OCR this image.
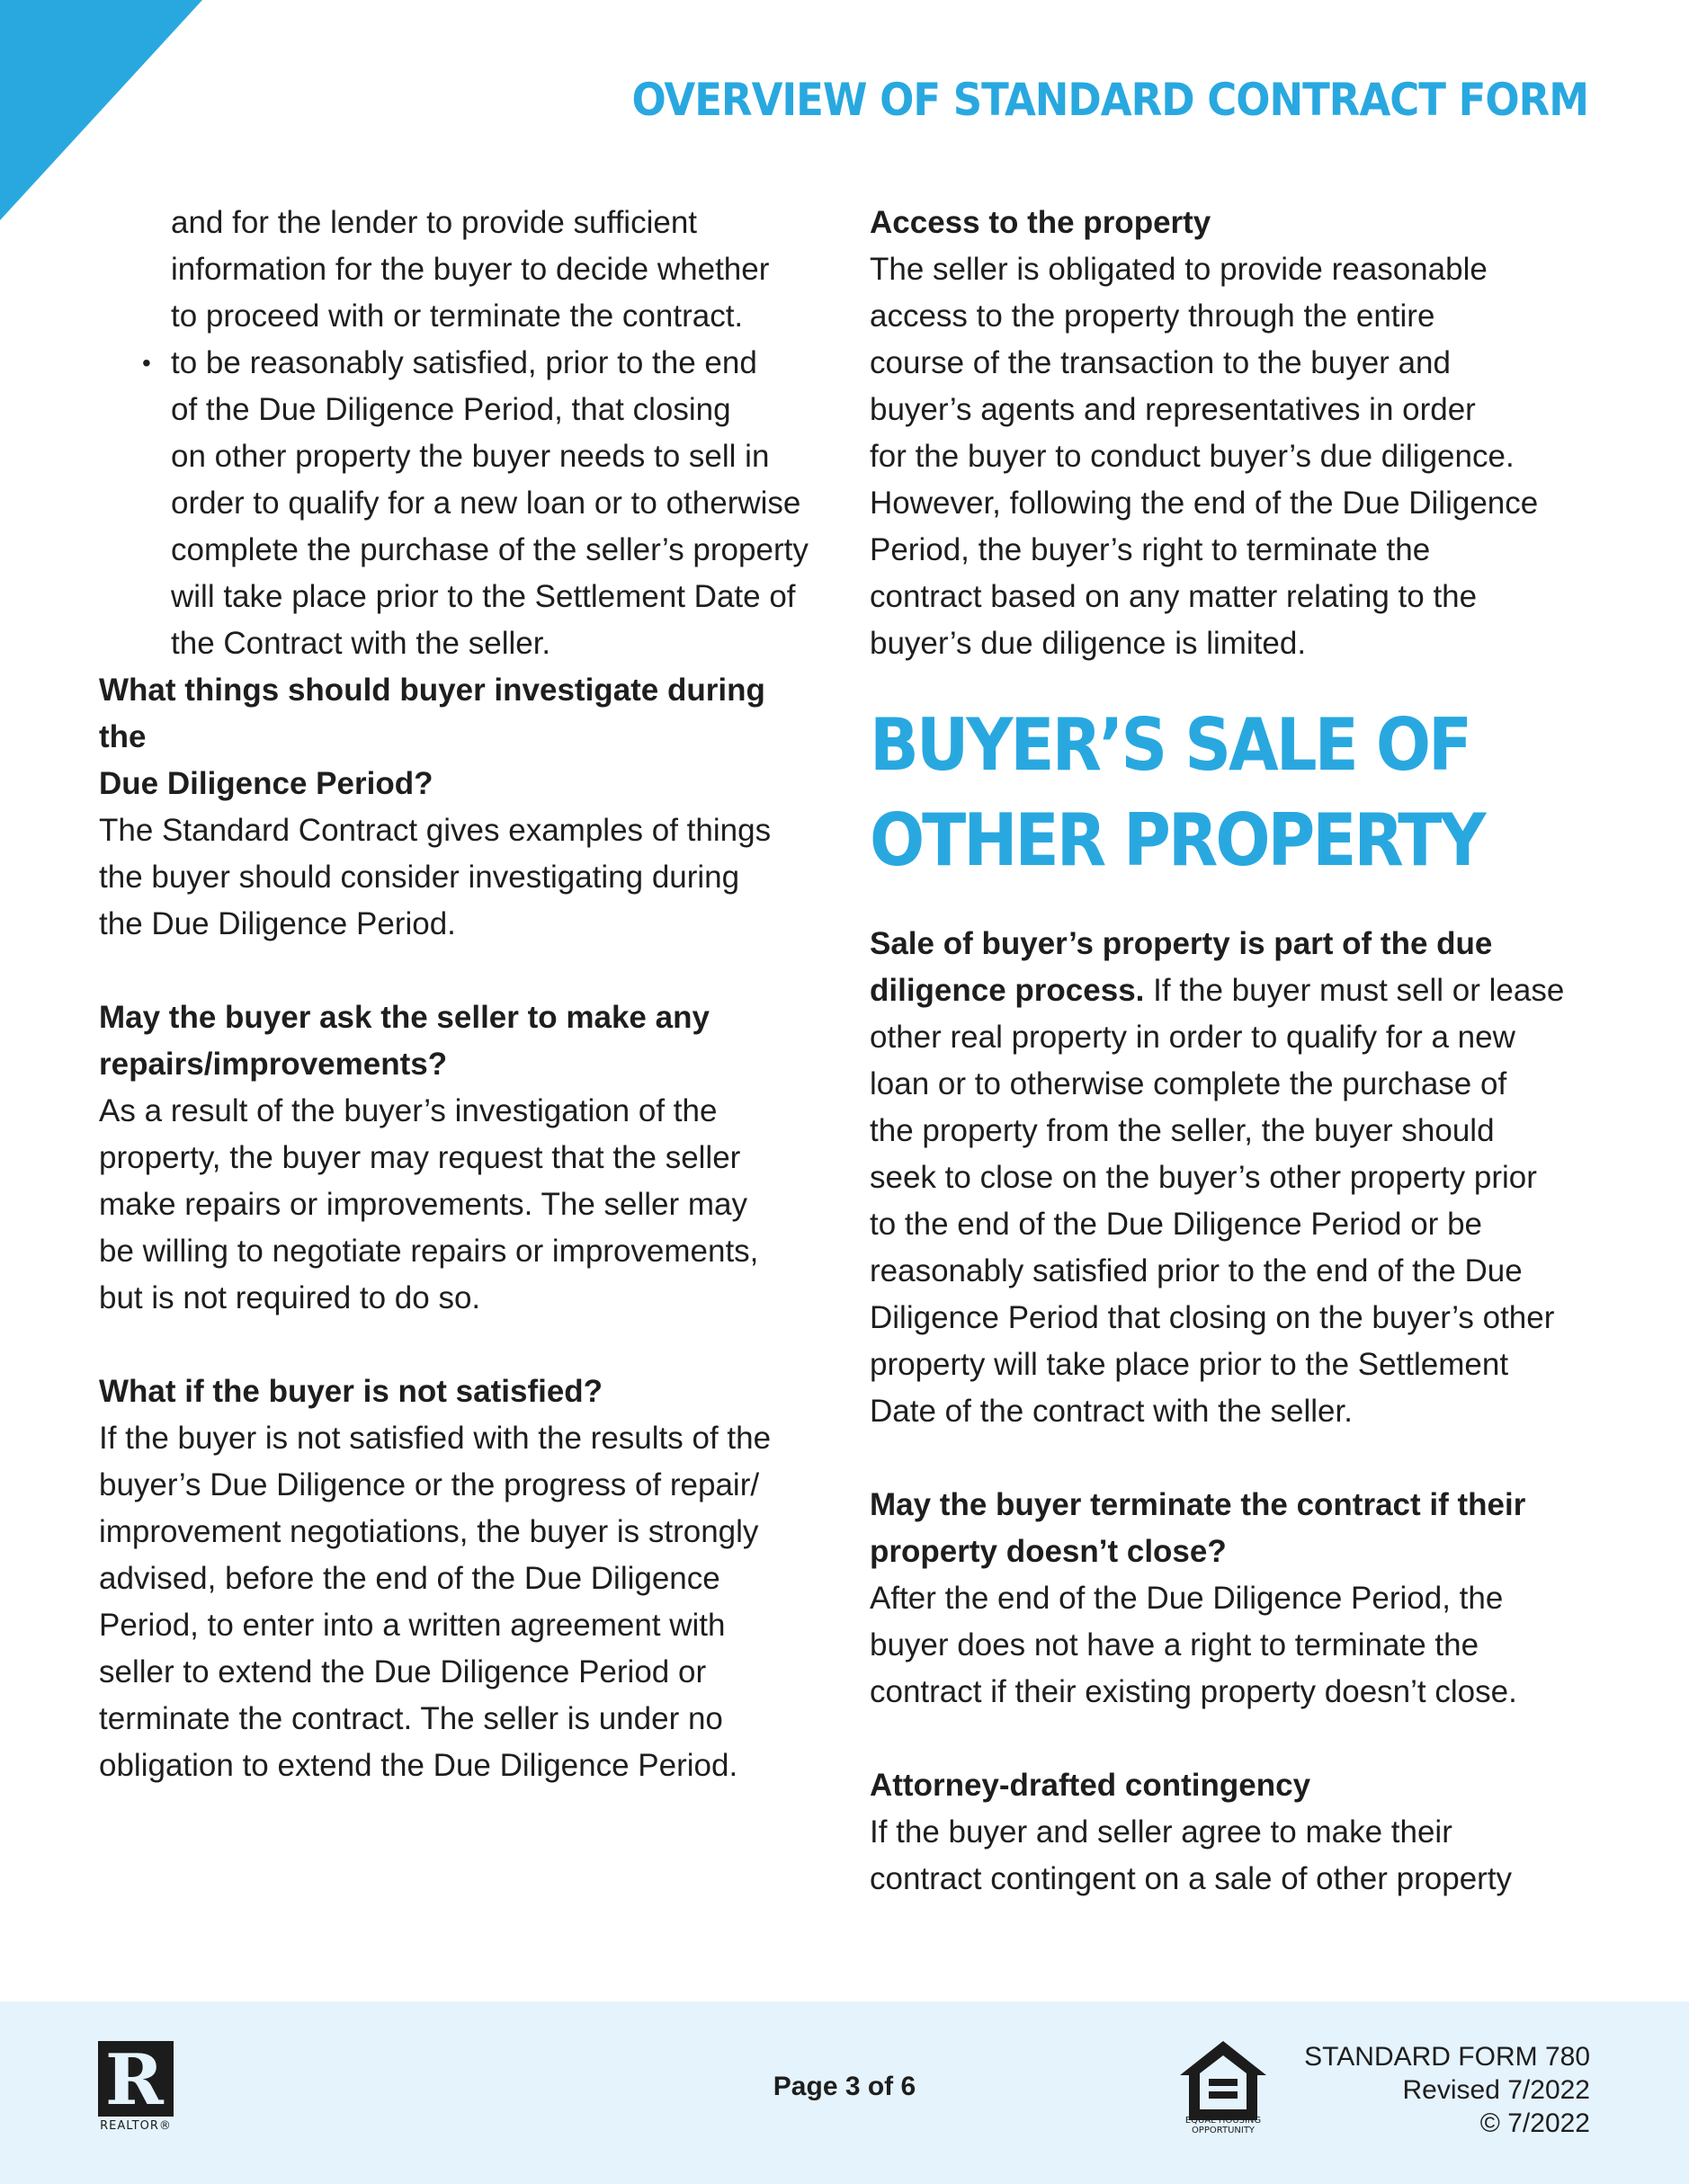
OVERVIEW OF STANDARD CONTRACT FORM
and for the lender to provide sufficient
information for the buyer to decide whether
to proceed with or terminate the contract.
• to be reasonably satisfied, prior to the end
of the Due Diligence Period, that closing
on other property the buyer needs to sell in
order to qualify for a new loan or to otherwise
complete the purchase of the seller’s property
will take place prior to the Settlement Date of
the Contract with the seller.
What things should buyer investigate during the
Due Diligence Period?
The Standard Contract gives examples of things
the buyer should consider investigating during
the Due Diligence Period.
May the buyer ask the seller to make any
repairs/improvements?
As a result of the buyer’s investigation of the
property, the buyer may request that the seller
make repairs or improvements. The seller may
be willing to negotiate repairs or improvements,
but is not required to do so.
What if the buyer is not satisfied?
If the buyer is not satisfied with the results of the
buyer’s Due Diligence or the progress of repair/
improvement negotiations, the buyer is strongly
advised, before the end of the Due Diligence
Period, to enter into a written agreement with
seller to extend the Due Diligence Period or
terminate the contract. The seller is under no
obligation to extend the Due Diligence Period.
Access to the property
The seller is obligated to provide reasonable
access to the property through the entire
course of the transaction to the buyer and
buyer’s agents and representatives in order
for the buyer to conduct buyer’s due diligence.
However, following the end of the Due Diligence
Period, the buyer’s right to terminate the
contract based on any matter relating to the
buyer’s due diligence is limited.
BUYER’S SALE OF
OTHER PROPERTY
Sale of buyer’s property is part of the due
diligence process. If the buyer must sell or lease
other real property in order to qualify for a new
loan or to otherwise complete the purchase of
the property from the seller, the buyer should
seek to close on the buyer’s other property prior
to the end of the Due Diligence Period or be
reasonably satisfied prior to the end of the Due
Diligence Period that closing on the buyer’s other
property will take place prior to the Settlement
Date of the contract with the seller.
May the buyer terminate the contract if their
property doesn’t close?
After the end of the Due Diligence Period, the
buyer does not have a right to terminate the
contract if their existing property doesn’t close.
Attorney-drafted contingency
If the buyer and seller agree to make their
contract contingent on a sale of other property
R
REALTOR®
Page 3 of 6
EQUAL HOUSING
OPPORTUNITY
STANDARD FORM 780
Revised 7/2022
© 7/2022
